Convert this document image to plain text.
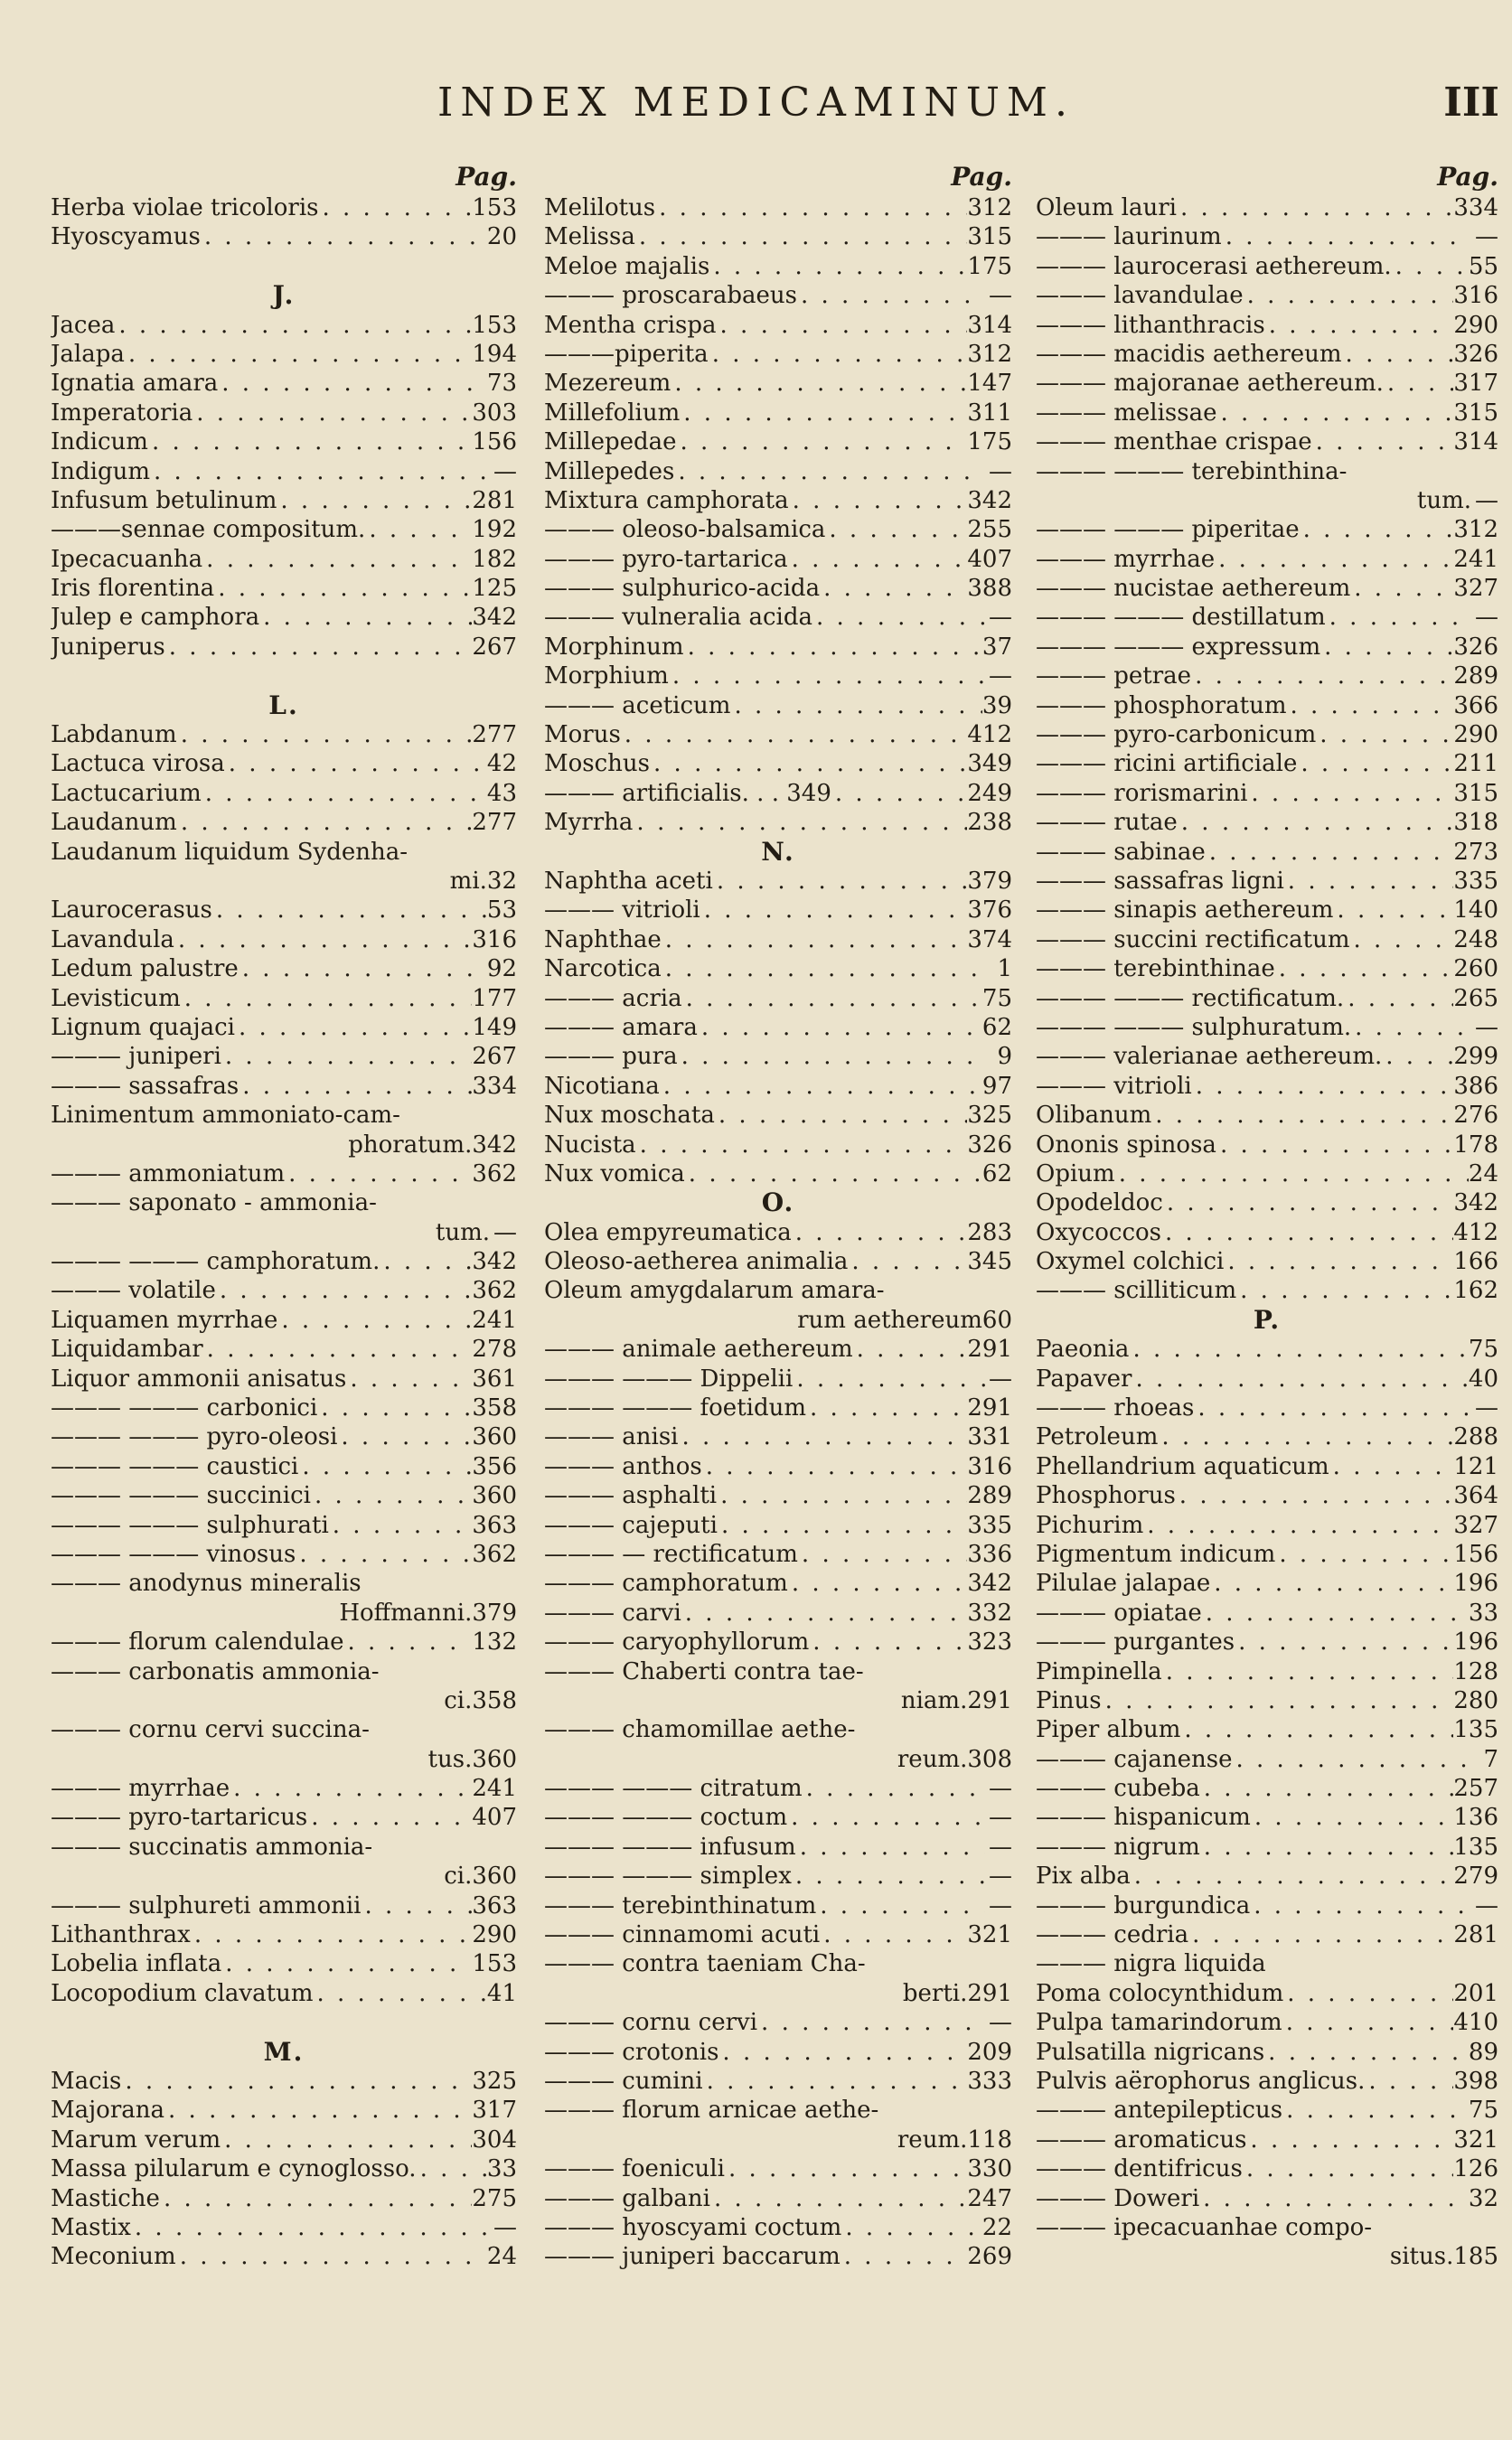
INDEX MEDICAMINUM.	III
Pag.
Herba violae tricoloris . . .	153
Hyoscyamus . . .	20
J.
Jacea . . .	153
Jalapa . . .	194
Ignatia amara . . .	73
Imperatoria . . .	303
Indicum . . .	156
Indigum . . .	—
Infusum betulinum . . .	281
———sennae compositum. . . .	192
Ipecacuanha . . .	182
Iris florentina . . .	125
Julep e camphora . . .	342
Juniperus . . .	267
L.
Labdanum . . .	277
Lactuca virosa . . .	42
Lactucarium . . .	43
Laudanum . . .	277
Laudanum liquidum Sydenha-
mi. 32
Laurocerasus . . .	53
Lavandula . . .	316
Ledum palustre . . .	92
Levisticum . . .	177
Lignum quajaci . . .	149
——— juniperi . . .	267
——— sassafras . . .	334
Linimentum ammoniato-cam-
phoratum. 342
——— ammoniatum . . .	362
——— saponato - ammonia-
tum. —
——— ——— camphoratum. . . .	342
——— volatile . . .	362
Liquamen myrrhae . . .	241
Liquidambar . . .	278
Liquor ammonii anisatus . . .	361
——— ——— carbonici . . .	358
——— ——— pyro-oleosi . . .	360
——— ——— caustici . . .	356
——— ——— succinici . . .	360
——— ——— sulphurati . . .	363
——— ——— vinosus . . .	362
——— anodynus mineralis
Hoffmanni. 379
——— florum calendulae . . .	132
——— carbonatis ammonia-
ci. 358
——— cornu cervi succina-
tus. 360
——— myrrhae . . .	241
——— pyro-tartaricus . . .	407
——— succinatis ammonia-
ci. 360
——— sulphureti ammonii . . .	363
Lithanthrax . . .	290
Lobelia inflata . . .	153
Locopodium clavatum . . .	41
M.
Macis . . .	325
Majorana . . .	317
Marum verum . . .	304
Massa pilularum e cynoglosso. . . .	33
Mastiche . . .	275
Mastix . . .	—
Meconium . . .	24
Pag.
Melilotus . . .	312
Melissa . . .	315
Meloe majalis . . .	175
——— proscarabaeus . . .	—
Mentha crispa . . .	314
———piperita . . .	312
Mezereum . . .	147
Millefolium . . .	311
Millepedae . . .	175
Millepedes . . .	—
Mixtura camphorata . . .	342
——— oleoso-balsamica . . .	255
——— pyro-tartarica . . .	407
——— sulphurico-acida . . .	388
——— vulneralia acida . . .	—
Morphinum . . .	37
Morphium . . .	—
——— aceticum . . .	39
Morus . . .	412
Moschus . . .	349
——— artificialis. . . 349 . . .	249
Myrrha . . .	238
N.
Naphtha aceti . . .	379
——— vitrioli . . .	376
Naphthae . . .	374
Narcotica . . .	1
——— acria . . .	75
——— amara . . .	62
——— pura . . .	9
Nicotiana . . .	97
Nux moschata . . .	325
Nucista . . .	326
Nux vomica . . .	62
O.
Olea empyreumatica . . .	283
Oleoso-aetherea animalia . . .	345
Oleum amygdalarum amara-
rum aethereum 60
——— animale aethereum . . .	291
——— ——— Dippelii . . .	—
——— ——— foetidum . . .	291
——— anisi . . .	331
——— anthos . . .	316
——— asphalti . . .	289
——— cajeputi . . .	335
——— — rectificatum . . .	336
——— camphoratum . . .	342
——— carvi . . .	332
——— caryophyllorum . . .	323
——— Chaberti contra tae-
niam. 291
——— chamomillae aethe-
reum. 308
——— ——— citratum . . .	—
——— ——— coctum . . .	—
——— ——— infusum . . .	—
——— ——— simplex . . .	—
——— terebinthinatum . . .	—
——— cinnamomi acuti . . .	321
——— contra taeniam Cha-
berti. 291
——— cornu cervi . . .	—
——— crotonis . . .	209
——— cumini . . .	333
——— florum arnicae aethe-
reum. 118
——— foeniculi . . .	330
——— galbani . . .	247
——— hyoscyami coctum . . .	22
——— juniperi baccarum . . .	269
Pag.
Oleum lauri . . .	334
——— laurinum . . .	—
——— laurocerasi aethereum. . . .	55
——— lavandulae . . .	316
——— lithanthracis . . .	290
——— macidis aethereum . . .	326
——— majoranae aethereum. . . .	317
——— melissae . . .	315
——— menthae crispae . . .	314
——— ——— terebinthina-
tum. —
——— ——— piperitae . . .	312
——— myrrhae . . .	241
——— nucistae aethereum . . .	327
——— ——— destillatum . . .	—
——— ——— expressum . . .	326
——— petrae . . .	289
——— phosphoratum . . .	366
——— pyro-carbonicum . . .	290
——— ricini artificiale . . .	211
——— rorismarini . . .	315
——— rutae . . .	318
——— sabinae . . .	273
——— sassafras ligni . . .	335
——— sinapis aethereum . . .	140
——— succini rectificatum . . .	248
——— terebinthinae . . .	260
——— ——— rectificatum. . . .	265
——— ——— sulphuratum. . . .	—
——— valerianae aethereum. . . .	299
——— vitrioli . . .	386
Olibanum . . .	276
Ononis spinosa . . .	178
Opium . . .	24
Opodeldoc . . .	342
Oxycoccos . . .	412
Oxymel colchici . . .	166
——— scilliticum . . .	162
P.
Paeonia . . .	75
Papaver . . .	40
——— rhoeas . . .	—
Petroleum . . .	288
Phellandrium aquaticum . . .	121
Phosphorus . . .	364
Pichurim . . .	327
Pigmentum indicum . . .	156
Pilulae jalapae . . .	196
——— opiatae . . .	33
——— purgantes . . .	196
Pimpinella . . .	128
Pinus . . .	280
Piper album . . .	135
——— cajanense . . .	7
——— cubeba . . .	257
——— hispanicum . . .	136
——— nigrum . . .	135
Pix alba . . .	279
——— burgundica . . .	—
——— cedria . . .	281
——— nigra liquida
Poma colocynthidum . . .	201
Pulpa tamarindorum . . .	410
Pulsatilla nigricans . . .	89
Pulvis aërophorus anglicus. . . .	398
——— antepilepticus . . .	75
——— aromaticus . . .	321
——— dentifricus . . .	126
——— Doweri . . .	32
——— ipecacuanhae compo-
situs. 185
